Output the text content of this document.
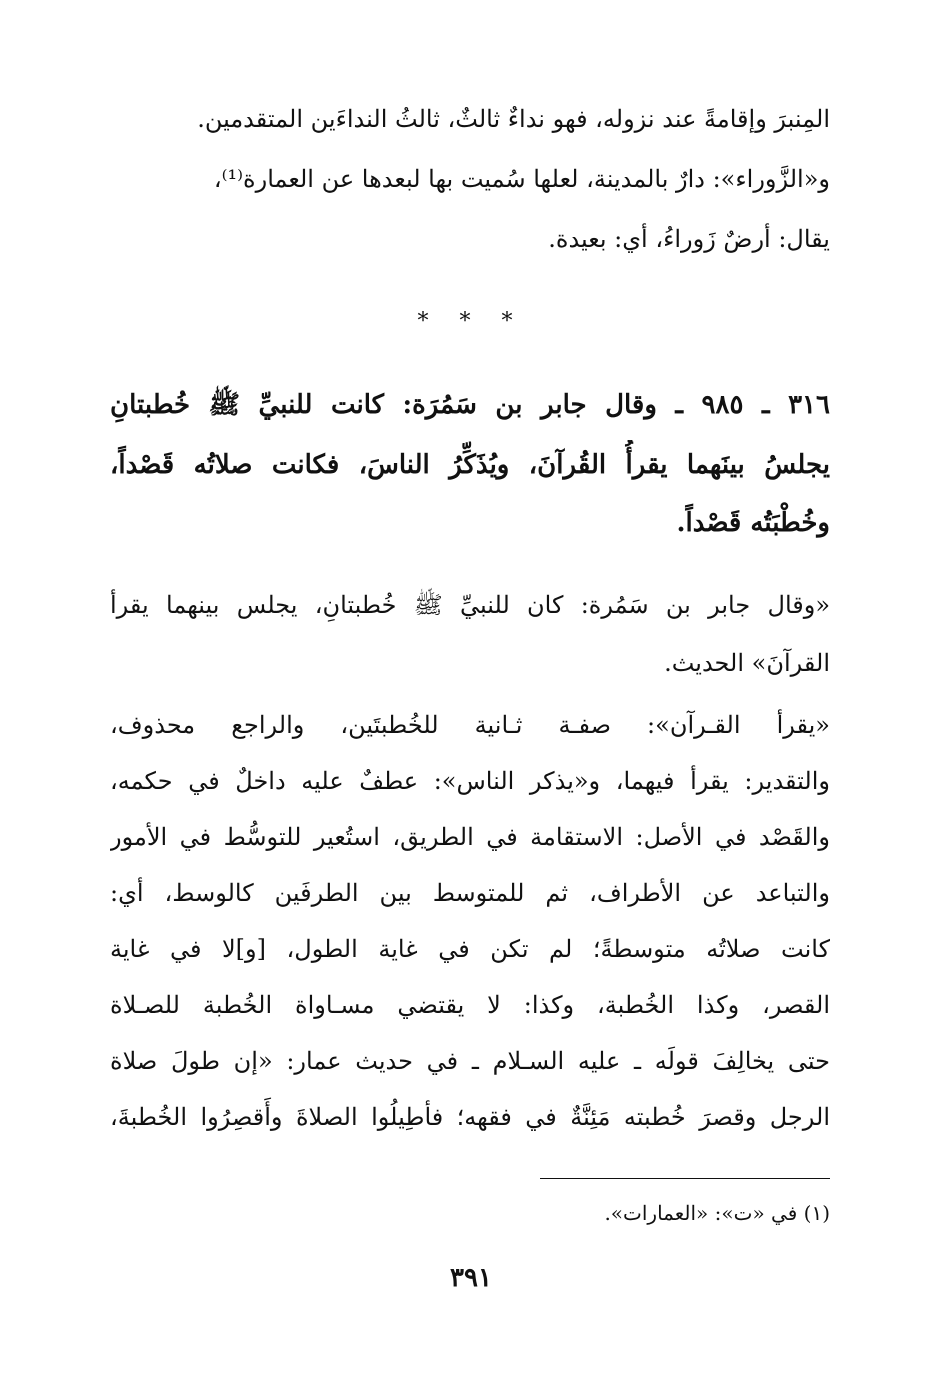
المِنبرَ وإقامةً عند نزوله، فهو نداءٌ ثالثٌ، ثالثُ النداءَين المتقدمين.
و«الزَّوراء»: دارٌ بالمدينة، لعلها سُميت بها لبعدها عن العمارة⁽¹⁾،
يقال: أرضٌ زَوراءُ، أي: بعيدة.
* * *
٣١٦ ـ ٩٨٥ ـ وقال جابر بن سَمُرَة: كانت للنبيِّ ﷺ خُطبتانِ
يجلسُ بينَهما يقرأُ القُرآنَ، ويُذَكِّرُ الناسَ، فكانت صلاتُه قَصْداً،
وخُطْبَتُه قَصْداً.
«وقال جابر بن سَمُرة: كان للنبيِّ ﷺ خُطبتانِ، يجلس بينهما يقرأ
القرآنَ» الحديث.
«يقرأ القـرآن»: صفـة ثـانية للخُطبتَين، والراجع محذوف،
والتقدير: يقرأ فيهما، و«يذكر الناس»: عطفٌ عليه داخلٌ في حكمه،
والقَصْد في الأصل: الاستقامة في الطريق، استُعير للتوسُّط في الأمور
والتباعد عن الأطراف، ثم للمتوسط بين الطرفَين كالوسط، أي:
كانت صلاتُه متوسطةً؛ لم تكن في غاية الطول، [و]لا في غاية
القصر، وكذا الخُطبة، وكذا: لا يقتضي مسـاواة الخُطبة للصـلاة
حتى يخالِفَ قولَه ـ عليه السـلام ـ في حديث عمار: «إن طولَ صلاة
الرجل وقصرَ خُطبته مَئِنَّةٌ في فقهه؛ فأطِيلُوا الصلاةَ وأَقصِرُوا الخُطبةَ،
(١) في «ت»: «العمارات».
٣٩١
